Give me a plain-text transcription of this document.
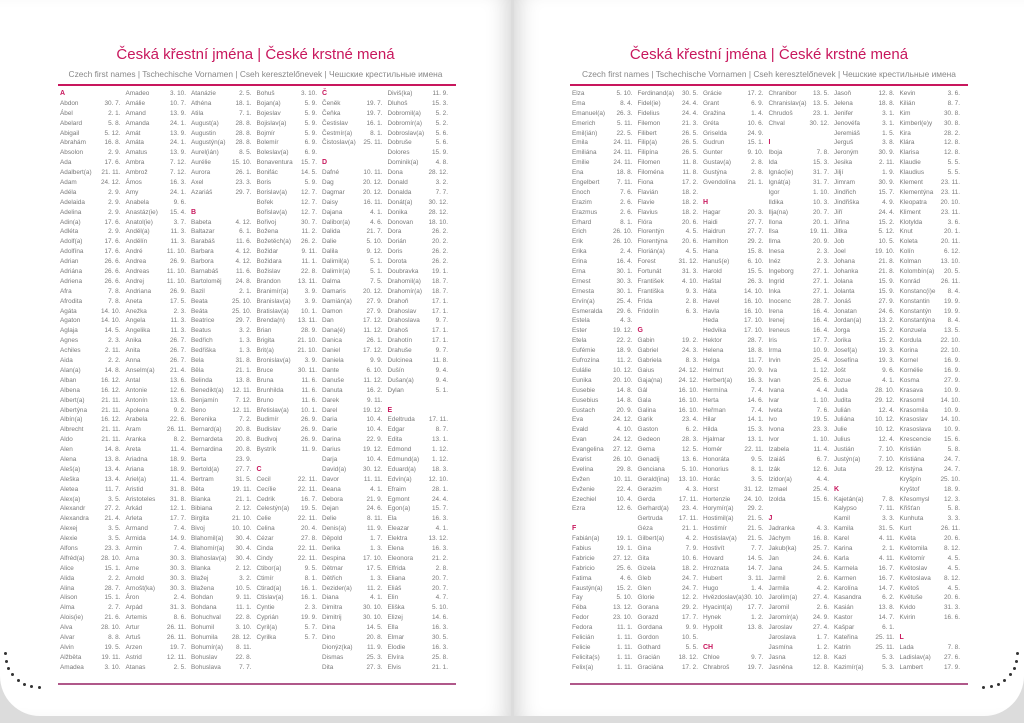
Česká křestní jména | České krstné mená
Czech first names | Tschechische Vornamen | Cseh keresztelőnevek | Чешские крестильные имена
A
Abdon	30. 7.
Ábel	2. 1.
Abelard	5. 8.
Abigail	5. 12.
Abrahám	16. 8.
Absolon	2. 9.
Ada	17. 6.
Adalbert(a) 21. 11.
Adam	24. 12.
Adéla	2. 9.
Adelaida	2. 9.
Adelina	2. 9.
Adin(a)	17. 6.
Adléta	2. 9.
Adolf(a)	17. 6.
Adolfína	17. 6.
Adrian	26. 6.
Adriána	26. 6.
Adriena	26. 6.
Afra	7. 8.
Afrodita	7. 8.
Agáta	14. 10.
Agaton	14. 10.
Aglaja	14. 5.
Agnes	2. 3.
Achiles	2. 11.
Aida	2. 2.
Alan(a)	14. 8.
Alban	16. 12.
Albena	16. 12.
Albert(a)	21. 11.
Albertýna 21. 11.
Albín(a)	16. 12.
Albrecht	21. 11.
Aldo	21. 11.
Alen	14. 8.
Alena	13. 8.
Aleš(a)	13. 4.
Aleška	13. 4.
Aletea	11. 7.
Alex(a)	3. 5.
Alexandr	27. 2.
Alexandra 21. 4.
Alexej	3. 5.
Alexie	3. 5.
Alfons	23. 3.
Alfréd(a)	28. 10.
Alice	15. 1.
Alida	2. 2.
Alina	28. 7.
Alison	15. 1.
Alma	2. 7.
Alois(ie)	21. 6.
Alva	28. 10.
Alvar	8. 8.
Alvin	19. 5.
Alžběta	19. 11.
Amadea	3. 10.
Amadeo	3. 10.
Amálie	10. 7.
Amand	13. 9.
Amanda	24. 1.
Amát	13. 9.
Amáta	24. 1.
Amatus	13. 9.
Ambra	7. 12.
Ambrož	7. 12.
Ámos	16. 3.
Amy	24. 1.
Anabela	9. 6.
Anastáz(ie) 15. 4.
Anatol(ie)	3. 7.
Anděl(a)	11. 3.
Andělín	11. 3.
André	11. 10.
Andrea	26. 9.
Andreas	11. 10.
Andrej	11. 10.
Andriana	26. 9.
Aneta	17. 5.
Anežka	2. 3.
Angela	11. 3.
Angelika	11. 3.
Anika	26. 7.
Anita	26. 7.
Anna	26. 7.
Anselm(a) 21. 4.
Antal	13. 6.
Antonie	12. 6.
Antonín	13. 6.
Apolena	9. 2.
Arabela	22. 6.
Aram	26. 11.
Aranka	8. 2.
Areta	11. 4.
Ariadna	18. 9.
Ariana	18. 9.
Ariel(a)	11. 4.
Aristid	31. 8.
Aristoteles 31. 8.
Arkád	12. 1.
Arleta	17. 7.
Armand	7. 4.
Armida	14. 9.
Armin	7. 4.
Arna	30. 3.
Arne	30. 3.
Arnold	30. 3.
Arnošt(ka) 30. 3.
Áron	2. 4.
Arpád	31. 3.
Artemis	8. 6.
Artur	26. 11.
Artuš	26. 11.
Arzen	19. 7.
Astrid	12. 11.
Atanas	2. 5.
Atanázie	2. 5.
Athéna	18. 1.
Atila	7. 1.
August(a)	28. 8.
Augustin	28. 8.
Augustýn(a) 28. 8.
Aurel(ián)	8. 5.
Aurélie	15. 10.
Aurora	26. 1.
Axel	23. 3.
Azariáš	29. 7.
B
Babeta	4. 12.
Baltazar	6. 1.
Barabáš	11. 6.
Barbara	4. 12.
Barbora	4. 12.
Barnabáš	11. 6.
Bartoloměj 24. 8.
Bazil	2. 1.
Beata	25. 10.
Beáta	25. 10.
Beatrice	29. 7.
Beatus	3. 2.
Bedřich	1. 3.
Bedřiška	1. 3.
Bela	31. 8.
Běla	21. 1.
Belinda	13. 8.
Benedikt(a) 12. 11.
Benjamín	7. 12.
Beno	12. 11.
Berenika	7. 2.
Bernard(a) 20. 8.
Bernardeta 20. 8.
Bernardina 20. 8.
Berta	23. 9.
Bertold(a)	27. 7.
Bertram	31. 5.
Běta	19. 11.
Bianka	21. 1.
Bibiana	2. 12.
Birgita	21. 10.
Bivoj	10. 10.
Blahomil(a) 30. 4.
Blahomír(a) 30. 4.
Blahoslav(a) 30. 4.
Blanka	2. 12.
Blažej	3. 2.
Blažena	10. 5.
Bohdan	9. 11.
Bohdana	11. 1.
Bohuchval 22. 8.
Bohumil	3. 10.
Bohumila 28. 12.
Bohumír(a) 8. 11.
Bohuslav	22. 8.
Bohuslava	7. 7.
Bohuš	3. 10.
Bojan(a)	5. 9.
Bojeslav	5. 9.
Bojislav(a)	5. 9.
Bojmír	5. 9.
Bolemír	6. 9.
Boleslav(a)	6. 9.
Bonaventura 15. 7.
Bonifác	14. 5.
Boris	5. 9.
Borislav(a) 12. 7.
Bořek	12. 7.
Bořislav(a) 12. 7.
Bořivoj	30. 7.
Božena	11. 2.
Božetěch(a) 26. 2.
Božidar	9. 11.
Božidara	11. 1.
Božislav	22. 8.
Brandon	13. 11.
Branimír(a)	3. 9.
Branislav(a) 3. 9.
Bratislav(a) 10. 1.
Brenda(n) 13. 11.
Brian	28. 9.
Brigita	21. 10.
Brit(a)	21. 10.
Bronislav(a) 3. 9.
Bruce	30. 11.
Bruna	11. 6.
Brunhilda	11. 6.
Bruno	11. 6.
Břetislav(a) 10. 1.
Budimír	26. 9.
Budislav	26. 9.
Budivoj	26. 9.
Bystrík	11. 9.
C
Cecil	22. 11.
Cecílie	22. 11.
Cedrik	16. 7.
Celestýn(a) 19. 5.
Celie	22. 11.
Celina	20. 4.
Cézar	27. 8.
Cinda	22. 11.
Cindy	22. 11.
Ctibor(a)	9. 5.
Ctimír	8. 1.
Ctirad(a)	16. 1.
Ctislav(a)	16. 1.
Cyntie	2. 3.
Cyprián	19. 9.
Cyril(a)	5. 7.
Cyrilka	5. 7.
Č
Čeněk	19. 7.
Čeňka	19. 7.
Čestislav	16. 1.
Čestmír(a)	8. 1.
Čistoslav(a) 25. 11.
D
Dafné	10. 11.
Dag	20. 12.
Dagmar	20. 12.
Daisy	16. 11.
Dajana	4. 1.
Dalibor(a)	4. 6.
Dalida	21. 7.
Dalie	5. 10.
Dalila	9. 12.
Dalimil(a)	5. 1.
Dalimír(a)	5. 1.
Dalma	7. 5.
Damaris	20. 12.
Damián(a) 27. 9.
Damon	27. 9.
Dan	17. 12.
Dana(é)	11. 12.
Danica	26. 1.
Daniel	17. 12.
Daniela	9. 9.
Dante	6. 10.
Danuše	11. 12.
Danuta	16. 2.
Darek	9. 11.
Darel	19. 12.
Daria	10. 4.
Darie	10. 4.
Darina	22. 9.
Darius	19. 12.
Darja	10. 4.
David(a)	30. 12.
Davor	11. 11.
Deana	4. 1.
Debora	21. 9.
Dejan	24. 6.
Delie	8. 11.
Denis(a)	11. 9.
Děpold	1. 7.
Derika	1. 3.
Despina	17. 10.
Dětmar	17. 5.
Dětřich	1. 3.
Dezider(a) 11. 2.
Diana	4. 1.
Dimitra	30. 10.
Dimitrij	30. 10.
Dina	14. 5.
Dino	20. 8.
Dionýz(ka) 11. 9.
Dismas	25. 3.
Dita	27. 3.
Diviš(ka)	11. 9.
Dluhoš	15. 3.
Dobromil(a) 5. 2.
Dobromír(a) 5. 2.
Dobroslav(a) 5. 6.
Dobruše	5. 6.
Dolores	15. 9.
Dominik(a)	4. 8.
Dona	28. 12.
Donald	3. 2.
Donalda	7. 7.
Donát(a)	30. 12.
Donika	28. 12.
Donovan 18. 10.
Dora	26. 2.
Dorián	20. 2.
Doris	26. 2.
Dorota	26. 2.
Doubravka 19. 1.
Drahomil(a) 18. 7.
Drahomír(a) 18. 7.
Drahoň	17. 1.
Drahoslav 17. 1.
Drahoslava 9. 7.
Drahoš	17. 1.
Drahotín	17. 1.
Drahuše	9. 7.
Dulcinea	11. 8.
Dušín	9. 4.
Dušan(a)	9. 4.
Dylan	5. 1.
E
Edeltruda 17. 11.
Edgar	8. 7.
Edita	13. 1.
Edmond	1. 12.
Edmund(a) 1. 12.
Eduard(a)	18. 3.
Edvín(a)	12. 10.
Efraim	28. 1.
Egmont	24. 4.
Egon(a)	15. 7.
Ela	16. 3.
Eleazar	4. 1.
Elektra	13. 12.
Elena	16. 3.
Eleonora	21. 2.
Elfrida	2. 8.
Eliana	20. 7.
Eliáš	20. 7.
Elin	4. 7.
Eliška	5. 10.
Elizej	14. 6.
Ella	16. 3.
Elmar	30. 5.
Elodie	16. 3.
Elvíra	25. 8.
Elvis	21. 1.
Česká křestní jména | České krstné mená
Czech first names | Tschechische Vornamen | Cseh keresztelőnevek | Чешские крестильные имена
Elza	5. 10.
Ema	8. 4.
Emanuel(a) 26. 3.
Emerich	5. 11.
Emil(ián)	22. 5.
Emila	24. 11.
Emiliána	24. 11.
Emilie	24. 11.
Ena	18. 8.
Engelbert	7. 11.
Enoch	7. 6.
Erazim	2. 6.
Erazmus	2. 6.
Erhard	8. 1.
Erich	26. 10.
Erik	26. 10.
Erika	2. 4.
Erina	16. 4.
Erna	30. 1.
Ernest	30. 3.
Ernesta	30. 1.
Ervín(a)	25. 4.
Esmeralda 29. 6.
Estela	4. 3.
Ester	19. 12.
Etela	22. 2.
Eufémie	18. 9.
Eufrozína	11. 2.
Eulálie	10. 12.
Eunika	20. 10.
Eusebie	14. 8.
Eusebius	14. 8.
Eustach	20. 9.
Eva	24. 12.
Evald	4. 10.
Evan	24. 12.
Evangelina 27. 12.
Evarist	26. 10.
Evelína	29. 8.
Evžen	10. 11.
Evženie	22. 4.
Ezechiel	10. 4.
Ezra	12. 6.
F
Fabián(a)	19. 1.
Fabius	19. 1.
Fabricie	27. 12.
Fabricio	25. 6.
Fatima	4. 6.
Faustýn(a) 15. 2.
Fay	5. 10.
Féba	13. 12.
Fedor	23. 10.
Fedora	11. 1.
Felicián	1. 11.
Felicie	1. 11.
Felicita(s)	1. 11.
Felix(a)	1. 11.
Ferdinand(a) 30. 5.
Fidel(ie)	24. 4.
Fidelius	24. 4.
Filemon	21. 3.
Filibert	26. 5.
Filip(a)	26. 5.
Filipína	26. 5.
Filomen	11. 8.
Filoména	11. 8.
Fiona	17. 2.
Flavián	18. 2.
Flavie	18. 2.
Flavius	18. 2.
Flóra	20. 6.
Florentýn	4. 5.
Florentýna 20. 6.
Florián(a)	4. 5.
Forest	31. 12.
Fortunát	31. 3.
František	4. 10.
Františka	9. 3.
Frída	2. 8.
Fridolín	6. 3.
G
Gabin	19. 2.
Gabriel	24. 3.
Gabriela	8. 3.
Gaius	24. 12.
Gaja(na)	24. 12.
Gál	16. 10.
Gala	16. 10.
Galina	16. 10.
Garik	23. 4.
Gaston	6. 2.
Gedeon	28. 3.
Gema	12. 5.
Genadij	13. 6.
Genciana	5. 10.
Gerald(ina) 13. 10.
Gerazim	4. 3.
Gerda	17. 11.
Gerhard(a) 23. 4.
Gertruda	17. 11.
Géza	21. 1.
Gilbert(a)	4. 2.
Gina	7. 9.
Gita	10. 6.
Gizela	18. 2.
Gleb	24. 7.
Glen	24. 7.
Glorie	12. 2.
Gorana	29. 2.
Gorazd	17. 7.
Gordana	9. 9.
Gordon	10. 5.
Gothard	5. 5.
Gracián	18. 12.
Graciána	17. 2.
Grácie	17. 2.
Grant	6. 9.
Gražina	1. 4.
Gréta	10. 6.
Griselda	24. 9.
Gudrun	15. 1.
Gunter	9. 10.
Gustav(a)	2. 8.
Gustýna	2. 8.
Gvendolína 21. 1.
H
Hagar	20. 3.
Haidi	27. 7.
Haidrun	27. 7.
Hamilton	29. 2.
Hana	15. 8.
Hanuš(e)	6. 10.
Harold	15. 5.
Haštal	26. 3.
Háta	14. 10.
Havel	16. 10.
Havla	16. 10.
Heda	17. 10.
Hedvika	17. 10.
Hektor	28. 7.
Helena	18. 8.
Helga	11. 7.
Helmut	20. 9.
Herbert(a) 16. 3.
Hermína	7. 4.
Herta	14. 6.
Heřman	7. 4.
Hilar	14. 1.
Hilda	15. 3.
Hjalmar	13. 1.
Homér	22. 11.
Honoráta	9. 5.
Honorius	8. 1.
Horác	3. 5.
Horst	31. 12.
Hortenzie 24. 10.
Horymír(a) 29. 2.
Hostimil(a) 21. 5.
Hostimír	21. 5.
Hostislav(a) 21. 5.
Hostivít	7. 7.
Hovard	14. 5.
Hroznata	14. 7.
Hubert	3. 11.
Hugo	1. 4.
Hvězdoslav(a) 30. 10.
Hyacint(a) 17. 7.
Hynek	1. 2.
Hypolit	13. 8.
CH
Chloe	9. 7.
Chrabroš	19. 7.
Chranibor	13. 5.
Chranislav(a) 13. 5.
Chrudoš	23. 1.
Chval	30. 12.
I
Iboja	7. 8.
Ida	15. 3.
Ignác(ie)	31. 7.
Ignát(a)	31. 7.
Igor	1. 10.
Ildika	10. 3.
Ilja(na)	20. 7.
Ilona	20. 1.
Ilsa	19. 11.
Ilma	20. 9.
Inesa	2. 3.
Inéz	2. 3.
Ingeborg	27. 1.
Ingrid	27. 1.
Inka	27. 1.
Inocenc	28. 7.
Irena	16. 4.
Irenej	16. 4.
Ireneus	16. 4.
Iris	17. 7.
Irma	10. 9.
Irvin	25. 4.
Iva	1. 12.
Ivan	25. 6.
Ivana	4. 4.
Ivar	1. 10.
Iveta	7. 6.
Ivo	19. 5.
Ivona	23. 3.
Ivor	1. 10.
Izabela	11. 4.
Izaiáš	6. 7.
Izák	12. 6.
Izidor(a)	4. 4.
Izmael	25. 4.
Izolda	15. 6.
J
Jadranka	4. 3.
Jáchym	16. 8.
Jakub(ka)	25. 7.
Jan	24. 6.
Jana	24. 5.
Jarmil	2. 6.
Jarmila	4. 2.
Jarolím(a) 27. 4.
Jaromil	2. 6.
Jaromír(a) 24. 9.
Jaroslav	27. 4.
Jaroslava	1. 7.
Jasmína	1. 2.
Jasna	12. 8.
Jasněna	12. 8.
Jasoň	12. 8.
Jelena	18. 8.
Jenifer	3. 1.
Jenovéfa	3. 1.
Jeremiáš	1. 5.
Jerguš	3. 8.
Jeroným	30. 9.
Jesika	2. 11.
Jiljí	1. 9.
Jimram	30. 9.
Jindřich	15. 7.
Jindřiška	4. 9.
Jiří	24. 4.
Jiřina	15. 2.
Jitka	5. 12.
Job	10. 5.
Joel	19. 10.
Johana	21. 8.
Johanka	21. 8.
Jolana	15. 9.
Jolanta	15. 9.
Jonáš	27. 9.
Jonatan	24. 6.
Jordan(a)	13. 2.
Jorga	15. 2.
Jorika	15. 2.
Josef(a)	19. 3.
Josefína	19. 3.
Jošt	9. 6.
Jozue	4. 1.
Juda	28. 10.
Judita	29. 12.
Julián	12. 4.
Juliána	10. 12.
Julie	10. 12.
Julius	12. 4.
Justián	7. 10.
Justýn(a)	7. 10.
Juta	29. 12.
K
Kajetán(a)	7. 8.
Kalypso	7. 11.
Kamil	3. 3.
Kamila	31. 5.
Karel	4. 11.
Karina	2. 1.
Karla	4. 11.
Karmela	16. 7.
Karmen	16. 7.
Karolína	14. 7.
Kasandra	6. 2.
Kasián	13. 8.
Kastor	14. 7.
Kašpar	6. 1.
Kateřina	25. 11.
Katrin	25. 11.
Kazi	5. 3.
Kazimír(a)	5. 3.
Kevin	3. 6.
Kilián	8. 7.
Kim	30. 8.
Kimberl(e)y 30. 8.
Kira	28. 2.
Klára	12. 8.
Klarisa	12. 8.
Klaudie	5. 5.
Klaudius	5. 5.
Klement	23. 11.
Klementýna 23. 11.
Kleopatra 20. 10.
Kliment	23. 11.
Klotylda	3. 6.
Knut	20. 1.
Koleta	20. 11.
Kolín	6. 12.
Kolman	13. 10.
Kolombín(a) 20. 5.
Konrád	26. 11.
Konstanc(i)e 8. 4.
Konstantin 19. 9.
Konstantýn 19. 9.
Konstantýna 8. 4.
Konzuela	13. 5.
Kordula	22. 10.
Korina	22. 10.
Kornel	16. 9.
Kornélie	16. 9.
Kosma	27. 9.
Krasava	10. 9.
Krasomil	14. 10.
Krasomila	10. 9.
Krasoslav 14. 10.
Krasoslava 10. 9.
Krescencie 15. 6.
Kristián	5. 8.
Kristiána	24. 7.
Kristýna	24. 7.
Kryšpín	25. 10.
Kryštof	18. 9.
Křesomysl 12. 3.
Křišťan	5. 8.
Kunhuta	3. 3.
Kurt	26. 11.
Květa	20. 6.
Květomila	8. 12.
Květomír	4. 5.
Květoslav	4. 5.
Květoslava 8. 12.
Květoš	4. 5.
Květuše	20. 6.
Kvido	31. 3.
Kvirin	16. 6.
L
Lada	7. 8.
Ladislav(a) 27. 6.
Lambert	17. 9.
